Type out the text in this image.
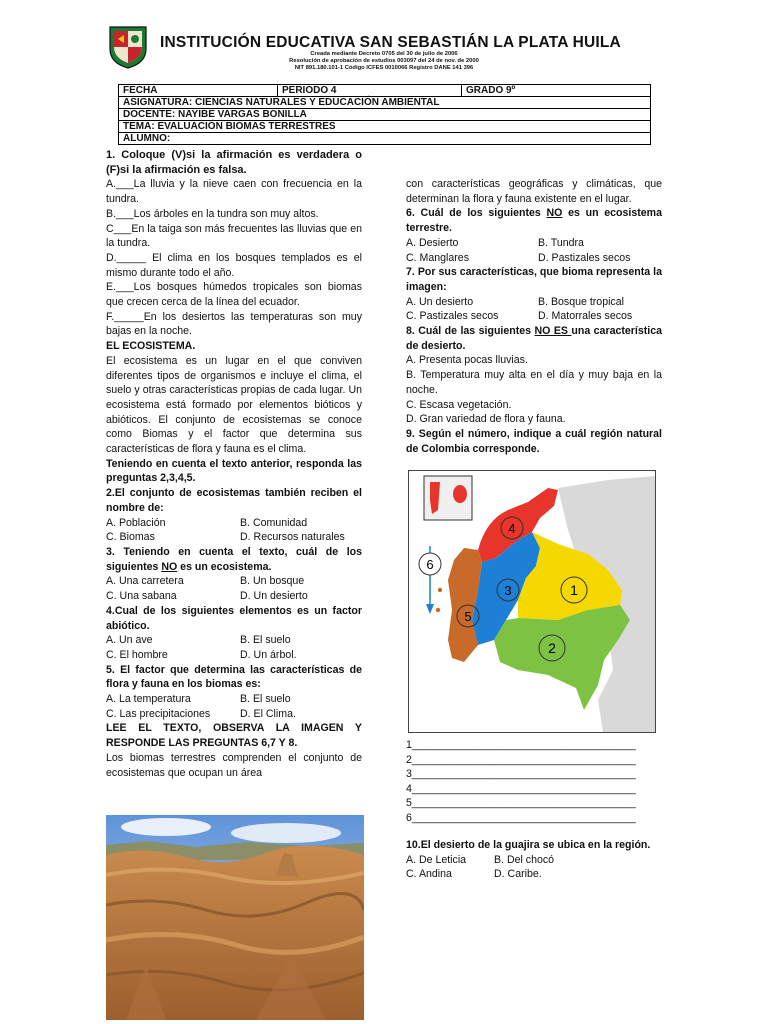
INSTITUCIÓN EDUCATIVA SAN SEBASTIÁN LA PLATA HUILA
Creada mediante Decreto 0705 del 30 de julio de 2006
Resolución de aprobación de estudios 003097 del 24 de nov. de 2000
NIT 891.180.101-1 Código ICFES 0010066 Registro DANE 141 396
FECHA	PERIODO 4	GRADO 9º
ASIGNATURA: CIENCIAS NATURALES Y EDUCACIÓN AMBIENTAL
DOCENTE: NAYIBE VARGAS BONILLA
TEMA: EVALUACIÓN BIOMAS TERRESTRES
ALUMNO:

1. Coloque (V)si la afirmación es verdadera o (F)si la afirmación es falsa.

A.___La lluvia y la nieve caen con frecuencia en la tundra.

B.___Los árboles en la tundra son muy altos.

C___En la taiga son más frecuentes las lluvias que en la tundra.

D._____ El clima en los bosques templados es el mismo durante todo el año.

E.___Los bosques húmedos tropicales son biomas que crecen cerca de la línea del ecuador.

F._____En los desiertos las temperaturas son muy bajas en la noche.

EL ECOSISTEMA.

El ecosistema es un lugar en el que conviven diferentes tipos de organismos e incluye el clima, el suelo y otras características propias de cada lugar. Un ecosistema está formado por elementos bióticos y abióticos. El conjunto de ecosistemas se conoce como Biomas y el factor que determina sus características de flora y fauna es el clima.

Teniendo en cuenta el texto anterior, responda las preguntas 2,3,4,5.

2.El conjunto de ecosistemas también reciben el nombre de:

A. Población	B. Comunidad
C. Biomas	D. Recursos naturales

3. Teniendo en cuenta el texto, cuál de los siguientes NO es un ecosistema.

A. Una carretera	B. Un bosque
C. Una sabana	D. Un desierto

4.Cual de los siguientes elementos es un factor abiótico.

A. Un ave	B. El suelo
C. El hombre	D. Un árbol.

5. El factor que determina las características de flora y fauna en los biomas es:

A. La temperatura	B. El suelo
C. Las precipitaciones	D. El Clima.

LEE EL TEXTO, OBSERVA LA IMAGEN Y RESPONDE LAS PREGUNTAS 6,7 Y 8.

Los biomas terrestres comprenden el conjunto de ecosistemas que ocupan un área

con características geográficas y climáticas, que determinan la flora y fauna existente en el lugar.

6. Cuál de los siguientes NO es un ecosistema terrestre.

A. Desierto	B. Tundra
C. Manglares	D. Pastizales secos

7. Por sus características, que bioma representa la imagen:

A. Un desierto	B. Bosque tropical
C. Pastizales secos	D. Matorrales secos

8. Cuál de las siguientes NO ES una característica de desierto.

A. Presenta pocas lluvias.

B. Temperatura muy alta en el día y muy baja en la noche.

C. Escasa vegetación.

D. Gran variedad de flora y fauna.

9. Según el número, indique a cuál región natural de Colombia corresponde.

1
2
3
4
5
6
1______________________________________
2______________________________________
3______________________________________
4______________________________________
5______________________________________
6______________________________________
10.El desierto de la guajira se ubica en la región.
A. De Leticia	B. Del chocó
C. Andina	D. Caribe.
